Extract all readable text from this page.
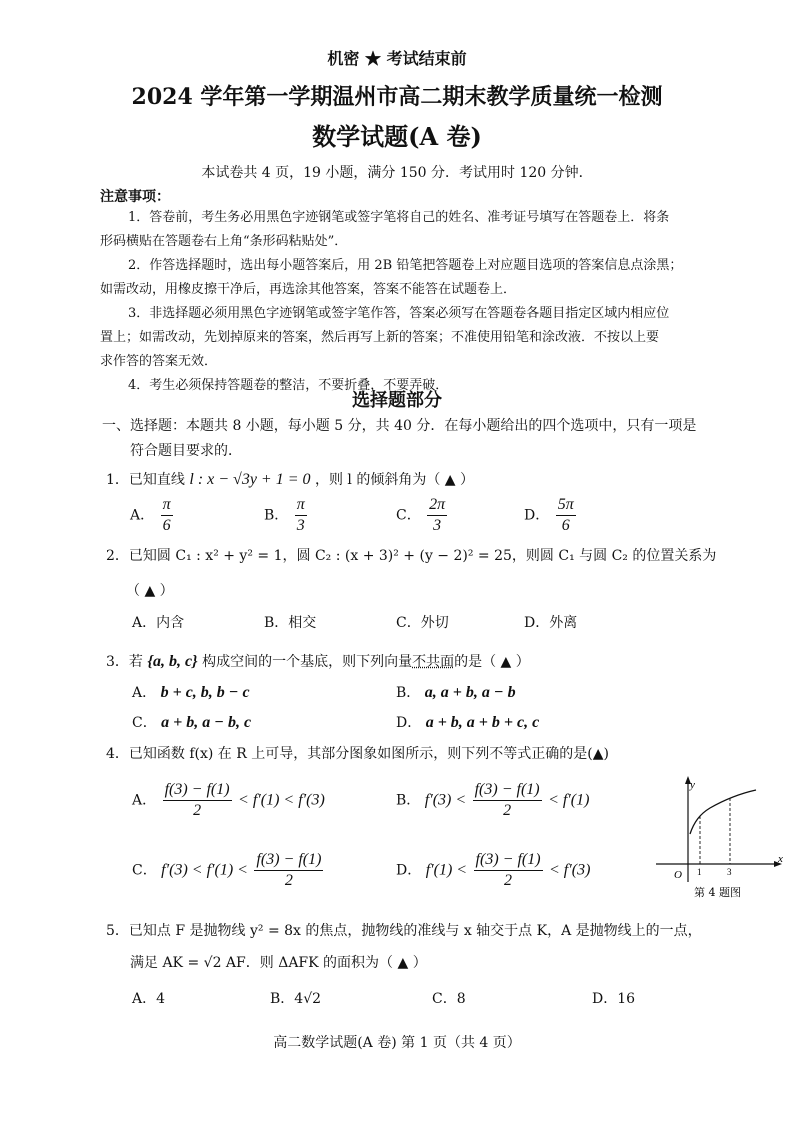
机密 ★ 考试结束前
2024 学年第一学期温州市高二期末教学质量统一检测
数学试题(A 卷)
本试卷共 4 页，19 小题，满分 150 分．考试用时 120 分钟．
注意事项：
1．答卷前，考生务必用黑色字迹钢笔或签字笔将自己的姓名、准考证号填写在答题卷上．将条
形码横贴在答题卷右上角“条形码粘贴处”．
2．作答选择题时，选出每小题答案后，用 2B 铅笔把答题卷上对应题目选项的答案信息点涂黑；
如需改动，用橡皮擦干净后，再选涂其他答案，答案不能答在试题卷上．
3．非选择题必须用黑色字迹钢笔或签字笔作答，答案必须写在答题卷各题目指定区域内相应位
置上；如需改动，先划掉原来的答案，然后再写上新的答案；不准使用铅笔和涂改液．不按以上要
求作答的答案无效．
4．考生必须保持答题卷的整洁，不要折叠，不要弄破．
选择题部分
一、选择题：本题共 8 小题，每小题 5 分，共 40 分．在每小题给出的四个选项中，只有一项是
符合题目要求的．
1．已知直线 l : x − √3y + 1 = 0 ，则 l 的倾斜角为（ ▲ ）
A． $\frac{\pi}{6}$	B． $\frac{\pi}{3}$	C． $\frac{2\pi}{3}$	D． $\frac{5\pi}{6}$
2．已知圆 C₁ : x² + y² = 1，圆 C₂ : (x + 3)² + (y − 2)² = 25，则圆 C₁ 与圆 C₂ 的位置关系为
（ ▲ ）
A．内含	B．相交	C．外切	D．外离
3．若 {a, b, c} 构成空间的一个基底，则下列向量不共面的是（ ▲ ）
A． b + c, b, b − c	B． a, a + b, a − b
C． a + b, a − b, c	D． a + b, a + b + c, c
4．已知函数 f(x) 在 R 上可导，其部分图象如图所示，则下列不等式正确的是(▲)
A． $\frac{f(3) - f(1)}{2} < f'(1) < f'(3)$	B． $f'(3) < \frac{f(3) - f(1)}{2} < f'(1)$
C． $f'(3) < f'(1) < \frac{f(3) - f(1)}{2}$	D． $f'(1) < \frac{f(3) - f(1)}{2} < f'(3)$
y
x
O 1	3
第 4 题图
5．已知点 F 是抛物线 y² = 8x 的焦点，抛物线的准线与 x 轴交于点 K，A 是抛物线上的一点，
满足 AK = √2 AF．则 ΔAFK 的面积为（ ▲ ）
A．4	B．4√2	C．8	D．16
高二数学试题(A 卷) 第 1 页（共 4 页）
